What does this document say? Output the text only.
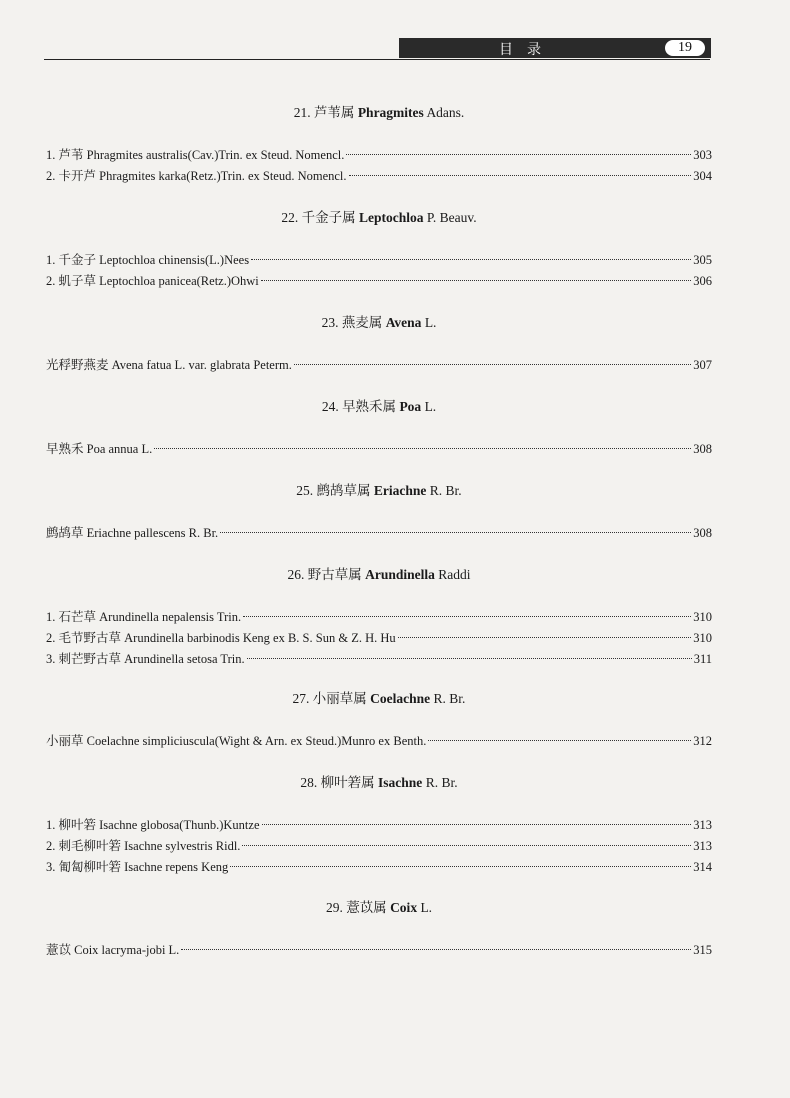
目录	19
21. 芦苇属 Phragmites Adans.
1. 芦苇 Phragmites australis(Cav.)Trin. ex Steud. Nomencl.	303
2. 卡开芦 Phragmites karka(Retz.)Trin. ex Steud. Nomencl.	304
22. 千金子属 Leptochloa P. Beauv.
1. 千金子 Leptochloa chinensis(L.)Nees	305
2. 虮子草 Leptochloa panicea(Retz.)Ohwi	306
23. 燕麦属 Avena L.
光稃野燕麦 Avena fatua L. var. glabrata Peterm.	307
24. 早熟禾属 Poa L.
早熟禾 Poa annua L.	308
25. 鹧鸪草属 Eriachne R. Br.
鹧鸪草 Eriachne pallescens R. Br.	308
26. 野古草属 Arundinella Raddi
1. 石芒草 Arundinella nepalensis Trin.	310
2. 毛节野古草 Arundinella barbinodis Keng ex B. S. Sun & Z. H. Hu	310
3. 刺芒野古草 Arundinella setosa Trin.	311
27. 小丽草属 Coelachne R. Br.
小丽草 Coelachne simpliciuscula(Wight & Arn. ex Steud.)Munro ex Benth.	312
28. 柳叶箬属 Isachne R. Br.
1. 柳叶箬 Isachne globosa(Thunb.)Kuntze	313
2. 刺毛柳叶箬 Isachne sylvestris Ridl.	313
3. 匍匐柳叶箬 Isachne repens Keng	314
29. 薏苡属 Coix L.
薏苡 Coix lacryma-jobi L.	315
